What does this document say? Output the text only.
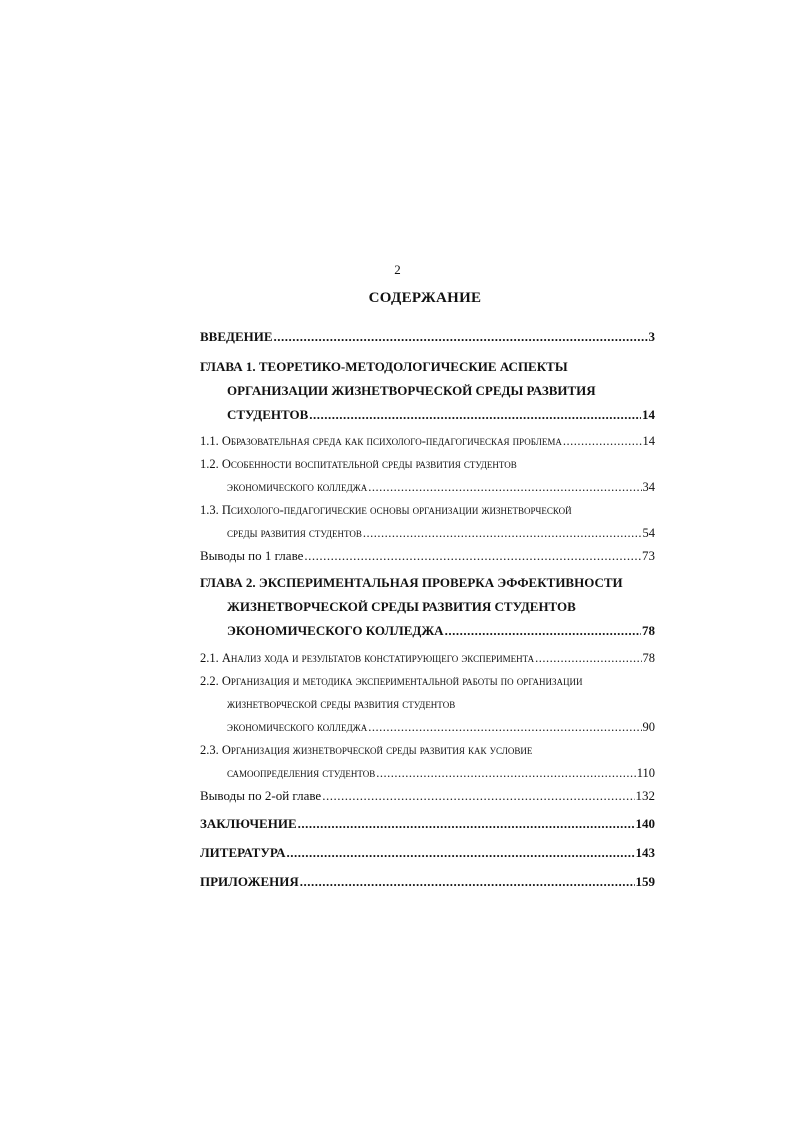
2
СОДЕРЖАНИЕ
ВВЕДЕНИЕ .....	3
ГЛАВА 1. ТЕОРЕТИКО-МЕТОДОЛОГИЧЕСКИЕ АСПЕКТЫ
ОРГАНИЗАЦИИ ЖИЗНЕТВОРЧЕСКОЙ СРЕДЫ РАЗВИТИЯ
СТУДЕНТОВ .....	14
1.1. Образовательная среда как психолого-педагогическая проблема .....	14
1.2. Особенности воспитательной среды развития студентов
экономического колледжа .....	34
1.3. Психолого-педагогические основы организации жизнетворческой
среды развития студентов .....	54
Выводы по 1 главе .....	73
ГЛАВА 2. ЭКСПЕРИМЕНТАЛЬНАЯ ПРОВЕРКА ЭФФЕКТИВНОСТИ
ЖИЗНЕТВОРЧЕСКОЙ СРЕДЫ РАЗВИТИЯ СТУДЕНТОВ
ЭКОНОМИЧЕСКОГО КОЛЛЕДЖА .....	78
2.1. Анализ хода и результатов констатирующего эксперимента .....	78
2.2. Организация и методика экспериментальной работы по организации
жизнетворческой среды развития студентов
экономического колледжа .....	90
2.3. Организация жизнетворческой среды развития как условие
самоопределения студентов .....	110
Выводы по 2-ой главе .....	132
ЗАКЛЮЧЕНИЕ .....	140
ЛИТЕРАТУРА .....	143
ПРИЛОЖЕНИЯ .....	159
